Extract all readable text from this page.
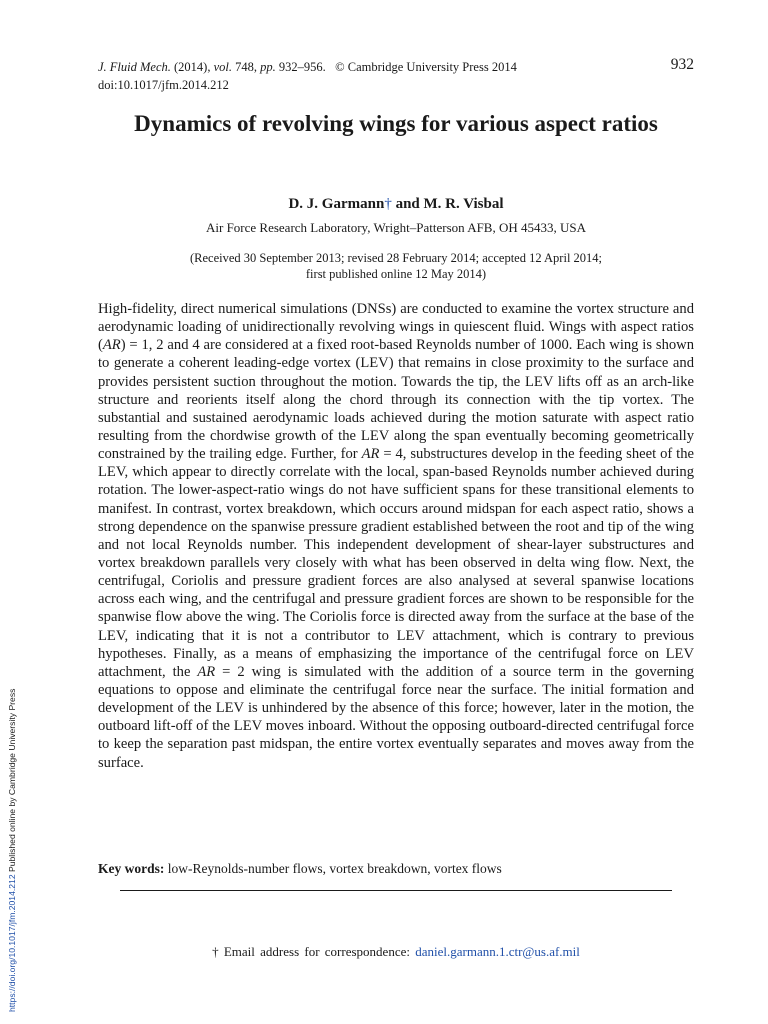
J. Fluid Mech. (2014), vol. 748, pp. 932–956. © Cambridge University Press 2014
doi:10.1017/jfm.2014.212
932
Dynamics of revolving wings for various aspect ratios
D. J. Garmann† and M. R. Visbal
Air Force Research Laboratory, Wright–Patterson AFB, OH 45433, USA
(Received 30 September 2013; revised 28 February 2014; accepted 12 April 2014;
first published online 12 May 2014)
High-fidelity, direct numerical simulations (DNSs) are conducted to examine the vortex structure and aerodynamic loading of unidirectionally revolving wings in quiescent fluid. Wings with aspect ratios (AR) = 1, 2 and 4 are considered at a fixed root-based Reynolds number of 1000. Each wing is shown to generate a coherent leading-edge vortex (LEV) that remains in close proximity to the surface and provides persistent suction throughout the motion. Towards the tip, the LEV lifts off as an arch-like structure and reorients itself along the chord through its connection with the tip vortex. The substantial and sustained aerodynamic loads achieved during the motion saturate with aspect ratio resulting from the chordwise growth of the LEV along the span eventually becoming geometrically constrained by the trailing edge. Further, for AR = 4, substructures develop in the feeding sheet of the LEV, which appear to directly correlate with the local, span-based Reynolds number achieved during rotation. The lower-aspect-ratio wings do not have sufficient spans for these transitional elements to manifest. In contrast, vortex breakdown, which occurs around midspan for each aspect ratio, shows a strong dependence on the spanwise pressure gradient established between the root and tip of the wing and not local Reynolds number. This independent development of shear-layer substructures and vortex breakdown parallels very closely with what has been observed in delta wing flow. Next, the centrifugal, Coriolis and pressure gradient forces are also analysed at several spanwise locations across each wing, and the centrifugal and pressure gradient forces are shown to be responsible for the spanwise flow above the wing. The Coriolis force is directed away from the surface at the base of the LEV, indicating that it is not a contributor to LEV attachment, which is contrary to previous hypotheses. Finally, as a means of emphasizing the importance of the centrifugal force on LEV attachment, the AR = 2 wing is simulated with the addition of a source term in the governing equations to oppose and eliminate the centrifugal force near the surface. The initial formation and development of the LEV is unhindered by the absence of this force; however, later in the motion, the outboard lift-off of the LEV moves inboard. Without the opposing outboard-directed centrifugal force to keep the separation past midspan, the entire vortex eventually separates and moves away from the surface.
Key words: low-Reynolds-number flows, vortex breakdown, vortex flows
† Email address for correspondence: daniel.garmann.1.ctr@us.af.mil
https://doi.org/10.1017/jfm.2014.212 Published online by Cambridge University Press
